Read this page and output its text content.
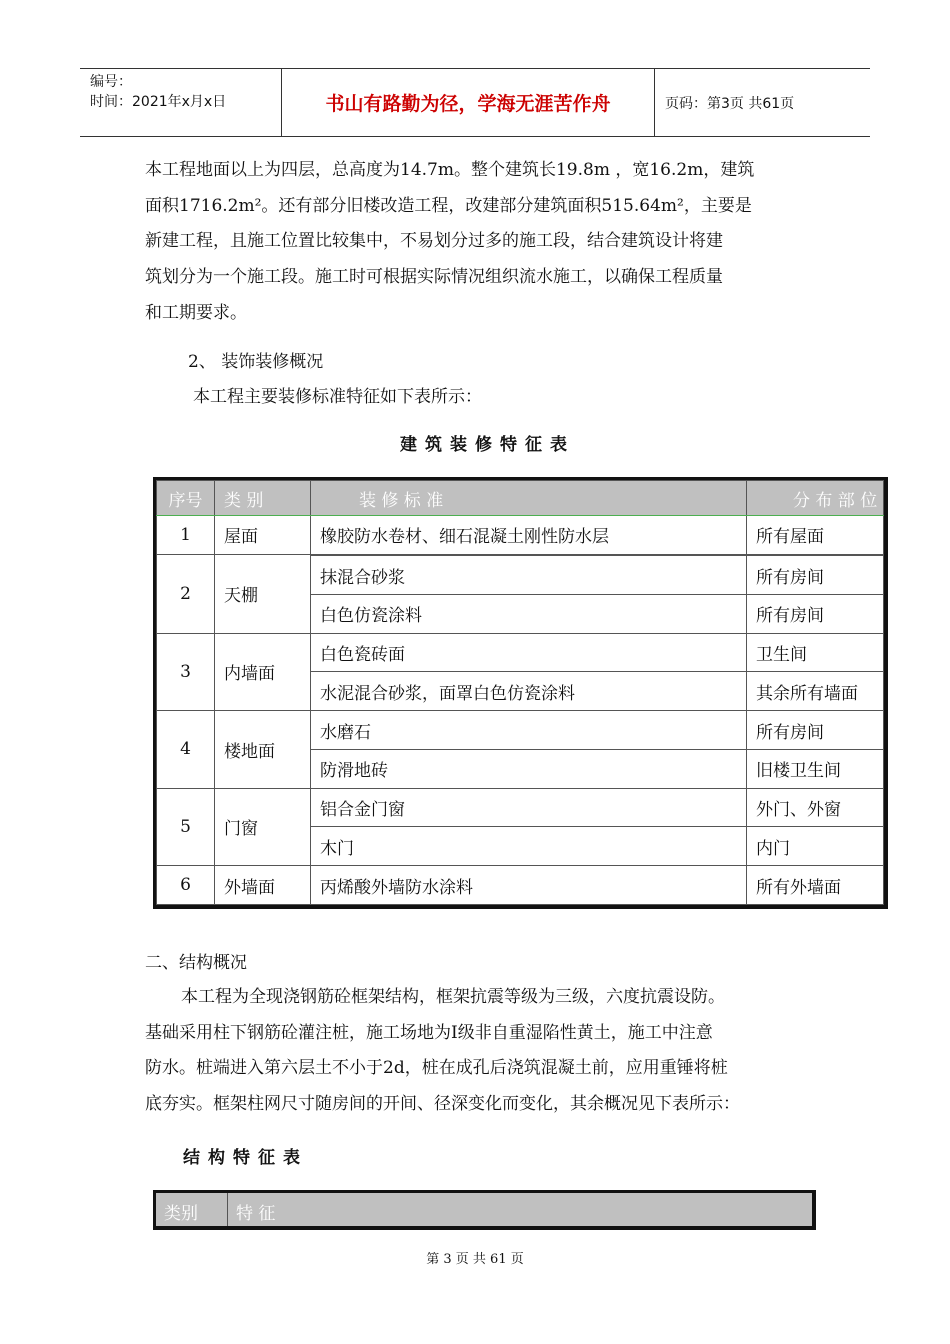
编号：
时间：2021年x月x日	书山有路勤为径，学海无涯苦作舟	页码：第3页 共61页

本工程地面以上为四层，总高度为14.7m。整个建筑长19.8m ，宽16.2m，建筑

面积1716.2m²。还有部分旧楼改造工程，改建部分建筑面积515.64m²，主要是

新建工程，且施工位置比较集中，不易划分过多的施工段，结合建筑设计将建

筑划分为一个施工段。施工时可根据实际情况组织流水施工，以确保工程质量

和工期要求。

2、 装饰装修概况
本工程主要装修标准特征如下表所示：
建筑装修特征表
序号	类 别	装 修 标 准	分 布 部 位
1	屋面	橡胶防水卷材、细石混凝土刚性防水层	所有屋面
2	天棚		
		抹混合砂浆	所有房间
		白色仿瓷涂料	所有房间
3	内墙面	白色瓷砖面	卫生间
		水泥混合砂浆，面罩白色仿瓷涂料	其余所有墙面
4	楼地面	水磨石	所有房间
		防滑地砖	旧楼卫生间
5	门窗	铝合金门窗	外门、外窗
		木门	内门
6	外墙面	丙烯酸外墙防水涂料	所有外墙面
二、结构概况

本工程为全现浇钢筋砼框架结构，框架抗震等级为三级，六度抗震设防。

基础采用柱下钢筋砼灌注桩，施工场地为Ⅰ级非自重湿陷性黄土，施工中注意

防水。桩端进入第六层土不小于2d，桩在成孔后浇筑混凝土前，应用重锤将桩

底夯实。框架柱网尺寸随房间的开间、径深变化而变化，其余概况见下表所示：

结构特征表
类别	特 征
第 3 页 共 61 页
